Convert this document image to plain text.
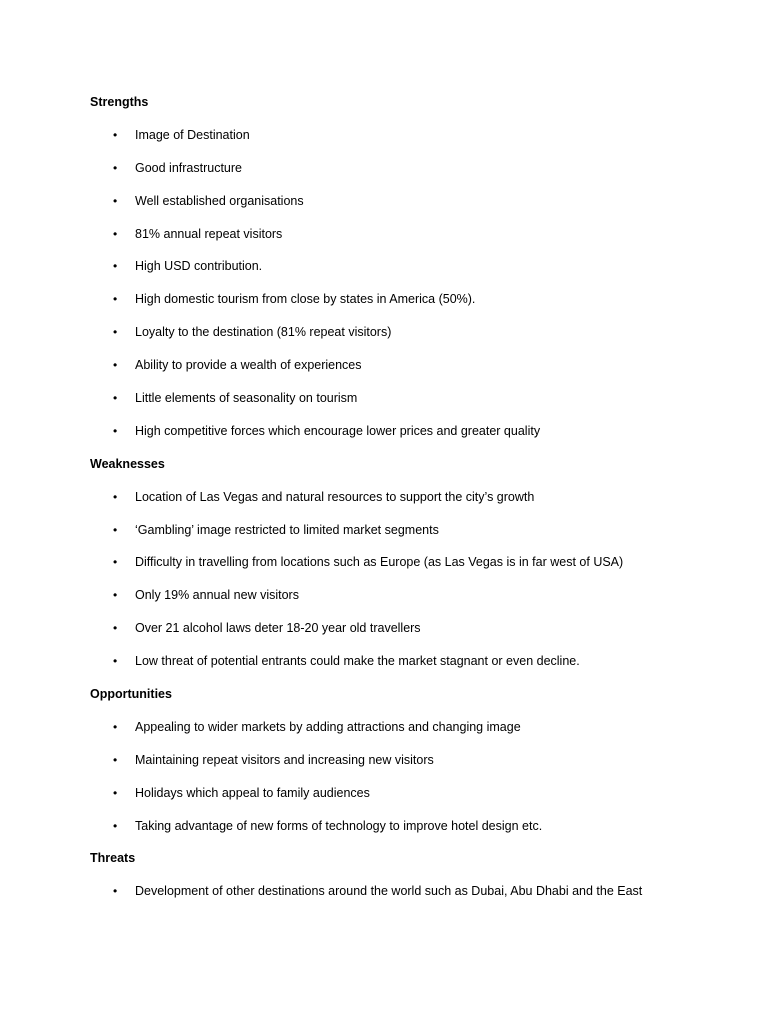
Strengths

•	Image of Destination
•	Good infrastructure
•	Well established organisations
•	81% annual repeat visitors
•	High USD contribution.
•	High domestic tourism from close by states in America (50%).
•	Loyalty to the destination (81% repeat visitors)
•	Ability to provide a wealth of experiences
•	Little elements of seasonality on tourism
•	High competitive forces which encourage lower prices and greater quality

Weaknesses

•	Location of Las Vegas and natural resources to support the city’s growth
•	‘Gambling’ image restricted to limited market segments
•	Difficulty in travelling from locations such as Europe (as Las Vegas is in far west of USA)
•	Only 19% annual new visitors
•	Over 21 alcohol laws deter 18-20 year old travellers
•	Low threat of potential entrants could make the market stagnant or even decline.

Opportunities

•	Appealing to wider markets by adding attractions and changing image
•	Maintaining repeat visitors and increasing new visitors
•	Holidays which appeal to family audiences
•	Taking advantage of new forms of technology to improve hotel design etc.

Threats

•	Development of other destinations around the world such as Dubai, Abu Dhabi and the East
